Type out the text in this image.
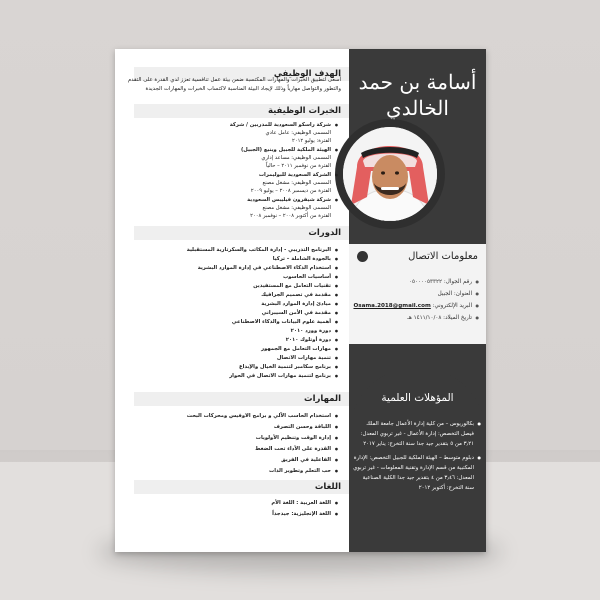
أسامة بن حمد
الخالدي
معلومات الاتصال
● رقم الجوال: ٠٥٠٠٠٠٥٣٣٢٢
● العنوان: الجبيل
● البريد الإلكتروني: Osama.2018@gmail.com
● تاريخ الميلاد: ١٤١١/١٠/٠٨ هـ
المؤهلات العلمية
● بكالوريوس – من كلية إدارة الأعمال جامعة الملك فيصل التخصص: إدارة الأعمال - غير تربوي المعدل: ٣٫٢١ من ٥ بتقدير جيد جدا سنة التخرج: يناير ٢٠١٧
● دبلوم متوسط – الهيئة الملكية للجبيل التخصص: الإدارة المكتبية من قسم الإدارة وتقنية المعلومات - غير تربوي المعدل: ٣٫٤٦ من ٤ بتقدير جيد جدا الكلية الصناعية سنة التخرج: أكتوبر ٢٠١٢
الهدف الوظيفي
أسعى لتطبيق الخبرات والمهارات المكتسبة ضمن بيئة عمل تنافسية تعزز لدي القدرة على التقدم والتطور والتواصل مهارياً وذلك لإيجاد البيئة المناسبة لاكتساب الخبرات والمهارات الجديدة
الخبرات الوظيفية
● شركة راسكو السعودية للمدربين / شركة
المسمى الوظيفي: عامل عادي
الفترة: يوليو ٢٠١٢
● الهيئة الملكية للجبيل وينبع (الجبيل)
المسمى الوظيفي: مساعد إداري
الفترة من نوفمبر ٢٠١١ – حالياً
● الشركة السعودية للبوليمرات
المسمى الوظيفي: مشغل مصنع
الفترة من ديسمبر ٢٠٠٨ – يوليو ٢٠٠٩
● شركة شيفرون فيليبس السعودية
المسمى الوظيفي: مشغل مصنع
الفترة من أكتوبر ٢٠٠٨ – نوفمبر ٢٠٠٨
الدورات
● البرنامج التدريبي - إدارة المكاتب والسكرتارية المستقبلية
● بالجودة الشاملة – تركيا
● استخدام الذكاء الاصطناعي في إدارة الموارد البشرية
● أساسيات الحاسوب
● تقنيات التعامل مع المستفيدين
● مقدمة في تصميم الجرافيك
● ميادئ إدارة الموارد البشرية
● مقدمة في الأمن السيبراني
● أهمية علوم البيانات والذكاء الاصطناعي
● دورة وورد ٢٠١٠
● دورة أوتلوك ٢٠١٠
● مهارات التعامل مع الجمهور
● تنمية مهارات الاتصال
● برنامج سكامبر لتنمية الخيال والإبداع
● برنامج لتنمية مهارات الاتصال في الحوار
المهارات
● استخدام الحاسب الآلي و برامج الاوفيس ومحركات البحث
● اللباقة وحسن التصرف
● إدارة الوقت وتنظيم الأولويات
● القدرة على الأداء تحت الضغط
● الفاعلية في الفريق
● حب التعلم وتطوير الذات
اللغات
● اللغة العربية : اللغة الأم
● اللغة الإنجليزية: جيدجداً
